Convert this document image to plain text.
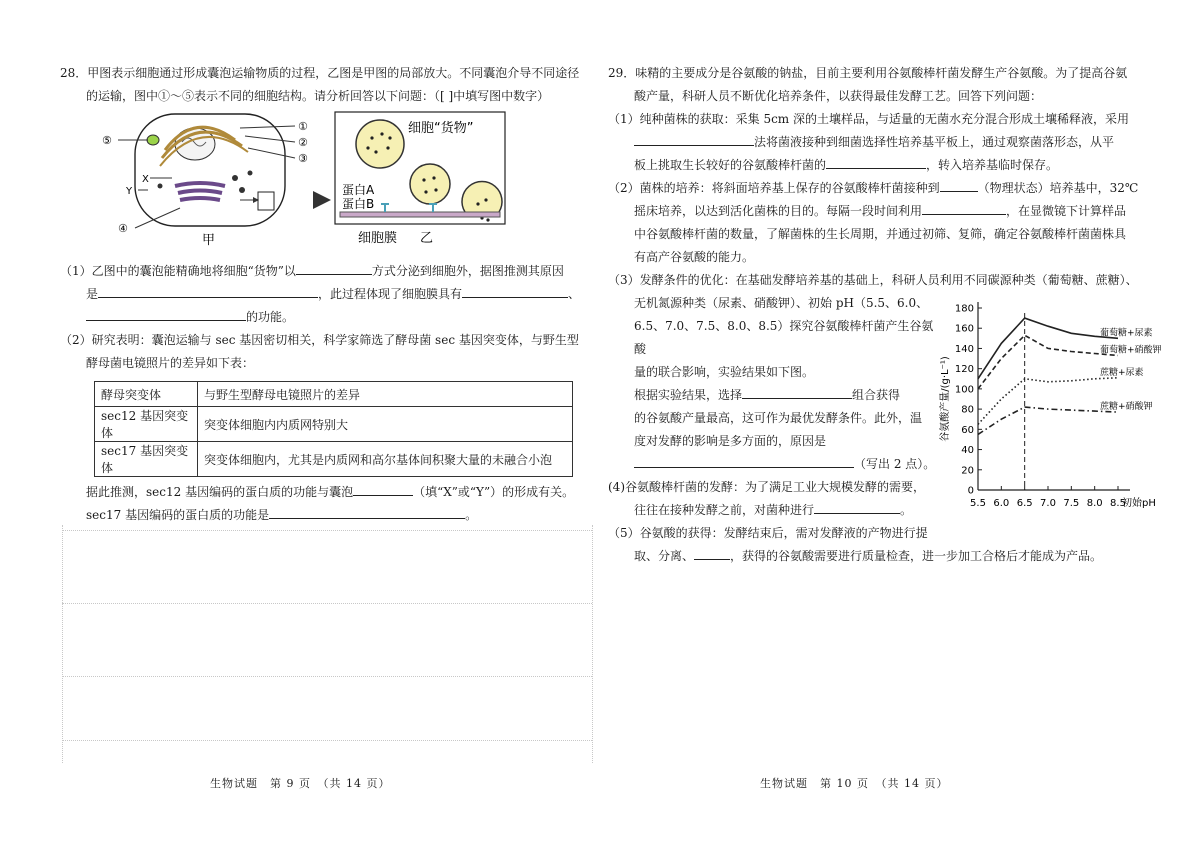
28．甲图表示细胞通过形成囊泡运输物质的过程，乙图是甲图的局部放大。不同囊泡介导不同途径

的运输，图中①～⑤表示不同的细胞结构。请分析回答以下问题：（[ ]中填写图中数字）

X
Y
①
②
③
④
⑤
甲
细胞“货物”
蛋白A
蛋白B
细胞膜 乙

（1）乙图中的囊泡能精确地将细胞“货物”以	方式分泌到细胞外，据图推测其原因

是	，此过程体现了细胞膜具有	、

的功能。

（2）研究表明：囊泡运输与 sec 基因密切相关，科学家筛选了酵母菌 sec 基因突变体，与野生型

酵母菌电镜照片的差异如下表：

酵母突变体	与野生型酵母电镜照片的差异
sec12 基因突变体	突变体细胞内内质网特别大
sec17 基因突变体	突变体细胞内，尤其是内质网和高尔基体间积聚大量的未融合小泡

据此推测，sec12 基因编码的蛋白质的功能与囊泡	（填“X”或“Y”）的形成有关。

sec17 基因编码的蛋白质的功能是	。

生物试题　第 9 页　（共 14 页）

29．味精的主要成分是谷氨酸的钠盐，目前主要利用谷氨酸棒杆菌发酵生产谷氨酸。为了提高谷氨

酸产量，科研人员不断优化培养条件，以获得最佳发酵工艺。回答下列问题：

（1）纯种菌株的获取：采集 5cm 深的土壤样品，与适量的无菌水充分混合形成土壤稀释液，采用

法将菌液接种到细菌选择性培养基平板上，通过观察菌落形态，从平

板上挑取生长较好的谷氨酸棒杆菌的	，转入培养基临时保存。

（2）菌株的培养：将斜面培养基上保存的谷氨酸棒杆菌接种到	（物理状态）培养基中，32℃

摇床培养，以达到活化菌株的目的。每隔一段时间利用	，在显微镜下计算样品

中谷氨酸棒杆菌的数量，了解菌株的生长周期，并通过初筛、复筛，确定谷氨酸棒杆菌菌株具

有高产谷氨酸的能力。

（3）发酵条件的优化：在基础发酵培养基的基础上，科研人员利用不同碳源种类（葡萄糖、蔗糖）、

无机氮源种类（尿素、硝酸钾）、初始 pH（5.5、6.0、

6.5、7.0、7.5、8.0、8.5）探究谷氨酸棒杆菌产生谷氨酸

量的联合影响，实验结果如下图。

根据实验结果，选择	组合获得

的谷氨酸产量最高，这可作为最优发酵条件。此外，温

度对发酵的影响是多方面的，原因是

（写出 2 点）。

(4)谷氨酸棒杆菌的发酵：为了满足工业大规模发酵的需要，

往往在接种发酵之前，对菌种进行	。

（5）谷氨酸的获得：发酵结束后，需对发酵液的产物进行提

0
20
40
60
80
100
120
140
160
180
5.5 6.0 6.5 7.0 7.5 8.0 8.5
初始pH
谷氨酸产量/(g·L⁻¹)
葡萄糖+尿素
葡萄糖+硝酸钾
蔗糖+尿素
蔗糖+硝酸钾

取、分离、	，获得的谷氨酸需要进行质量检查，进一步加工合格后才能成为产品。

生物试题　第 10 页　（共 14 页）
